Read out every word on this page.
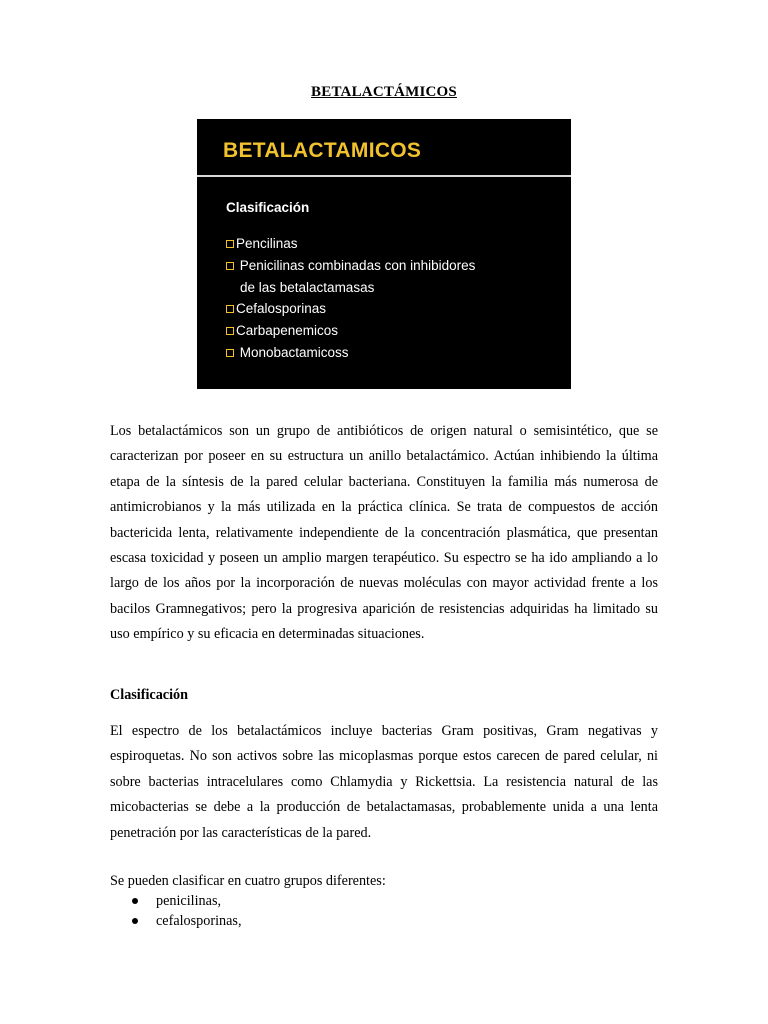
BETALACTÁMICOS
BETALACTAMICOS
Clasificación
Pencilinas
Penicilinas combinadas con inhibidores
de las betalactamasas
Cefalosporinas
Carbapenemicos
Monobactamicoss

Los betalactámicos son un grupo de antibióticos de origen natural o semisintético, que se caracterizan por poseer en su estructura un anillo betalactámico. Actúan inhibiendo la última etapa de la síntesis de la pared celular bacteriana. Constituyen la familia más numerosa de antimicrobianos y la más utilizada en la práctica clínica. Se trata de compuestos de acción bactericida lenta, relativamente independiente de la concentración plasmática, que presentan escasa toxicidad y poseen un amplio margen terapéutico. Su espectro se ha ido ampliando a lo largo de los años por la incorporación de nuevas moléculas con mayor actividad frente a los bacilos Gramnegativos; pero la progresiva aparición de resistencias adquiridas ha limitado su uso empírico y su eficacia en determinadas situaciones.

Clasificación

El espectro de los betalactámicos incluye bacterias Gram positivas, Gram negativas y espiroquetas. No son activos sobre las micoplasmas porque estos carecen de pared celular, ni sobre bacterias intracelulares como Chlamydia y Rickettsia. La resistencia natural de las micobacterias se debe a la producción de betalactamasas, probablemente unida a una lenta penetración por las características de la pared.

Se pueden clasificar en cuatro grupos diferentes:

penicilinas,
cefalosporinas,
